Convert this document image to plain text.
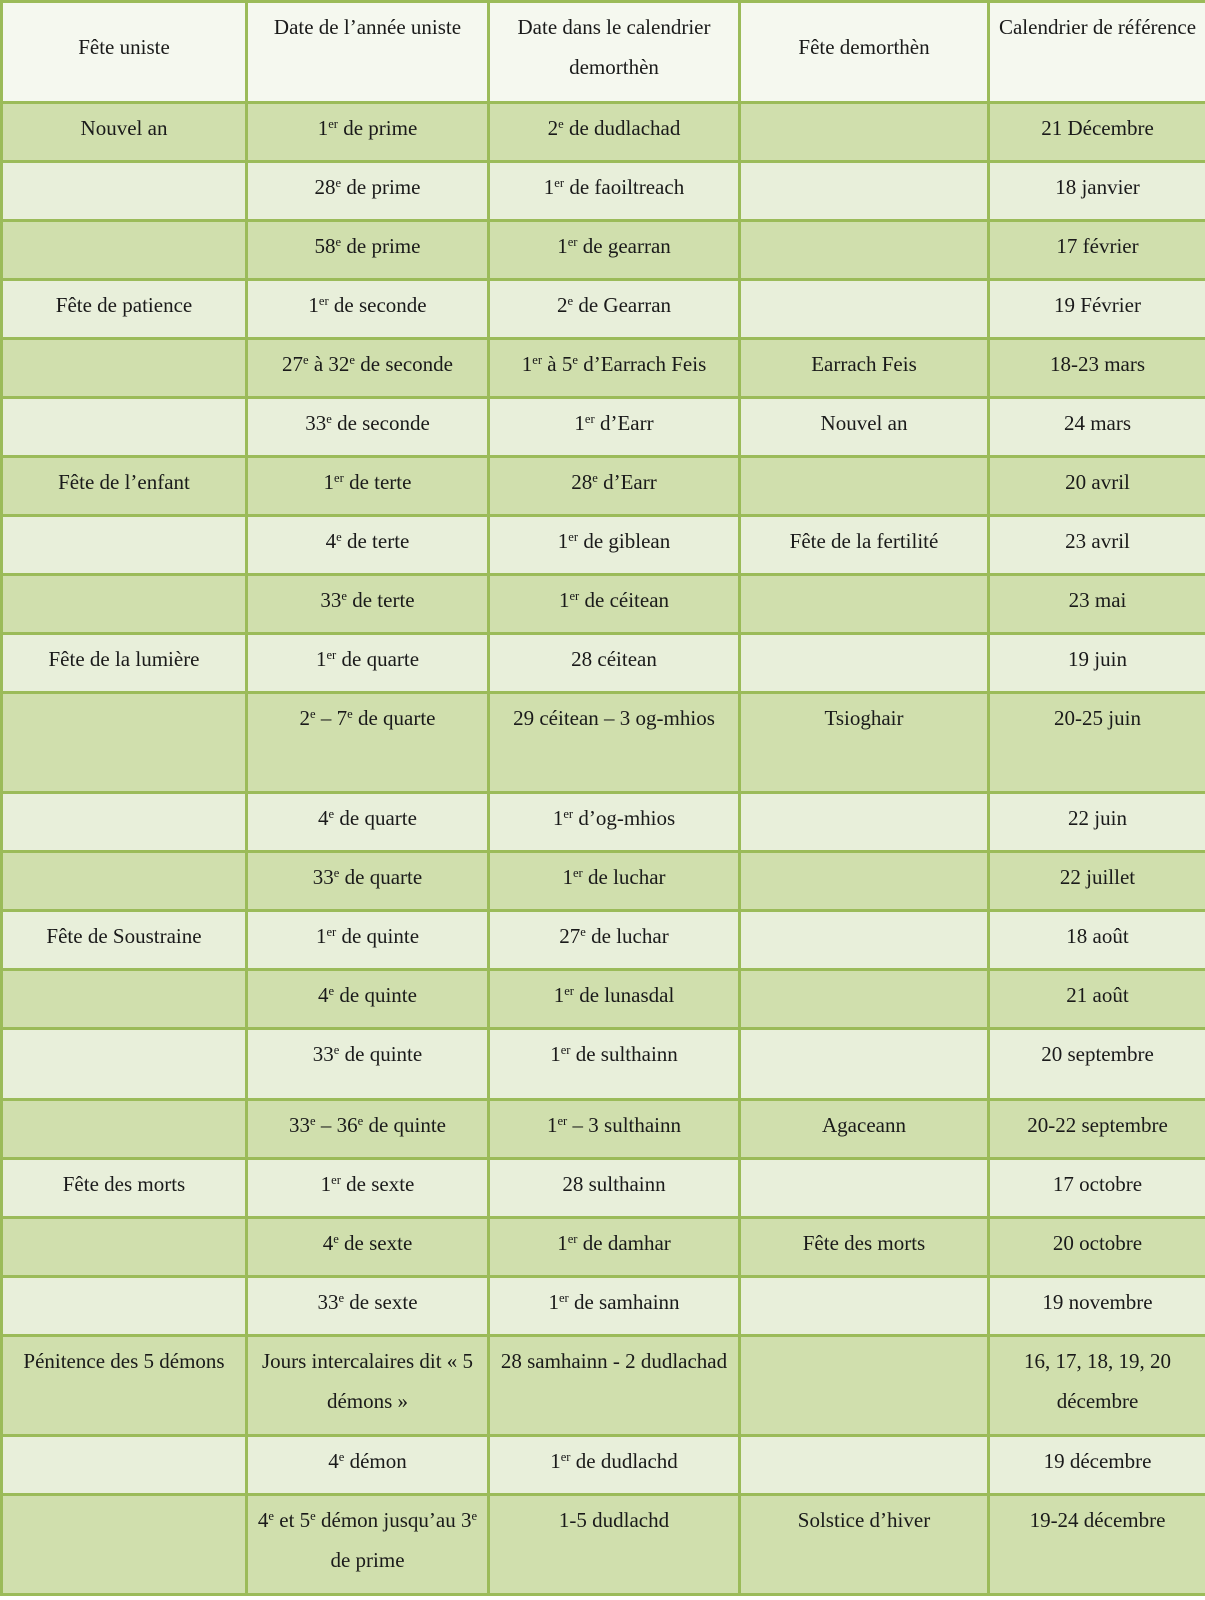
Fête uniste	Date de l’année uniste	Date dans le calendrier demorthèn	Fête demorthèn	Calendrier de référence
Nouvel an	1er de prime	2e de dudlachad		21 Décembre
	28e de prime	1er de faoiltreach		18 janvier
	58e de prime	1er de gearran		17 février
Fête de patience	1er de seconde	2e de Gearran		19 Février
	27e à 32e de seconde	1er à 5e d’Earrach Feis	Earrach Feis	18-23 mars
	33e de seconde	1er d’Earr	Nouvel an	24 mars
Fête de l’enfant	1er de terte	28e d’Earr		20 avril
	4e de terte	1er de giblean	Fête de la fertilité	23 avril
	33e de terte	1er de céitean		23 mai
Fête de la lumière	1er de quarte	28 céitean		19 juin
	2e – 7e de quarte	29 céitean – 3 og-mhios	Tsioghair	20-25 juin
	4e de quarte	1er d’og-mhios		22 juin
	33e de quarte	1er de luchar		22 juillet
Fête de Soustraine	1er de quinte	27e de luchar		18 août
	4e de quinte	1er de lunasdal		21 août
	33e de quinte	1er de sulthainn		20 septembre
	33e – 36e de quinte	1er – 3 sulthainn	Agaceann	20-22 septembre
Fête des morts	1er de sexte	28 sulthainn		17 octobre
	4e de sexte	1er de damhar	Fête des morts	20 octobre
	33e de sexte	1er de samhainn		19 novembre
Pénitence des 5 démons	Jours intercalaires dit « 5 démons »	28 samhainn - 2 dudlachad		16, 17, 18, 19, 20 décembre
	4e démon	1er de dudlachd		19 décembre
	4e et 5e démon jusqu’au 3e de prime	1-5 dudlachd	Solstice d’hiver	19-24 décembre
